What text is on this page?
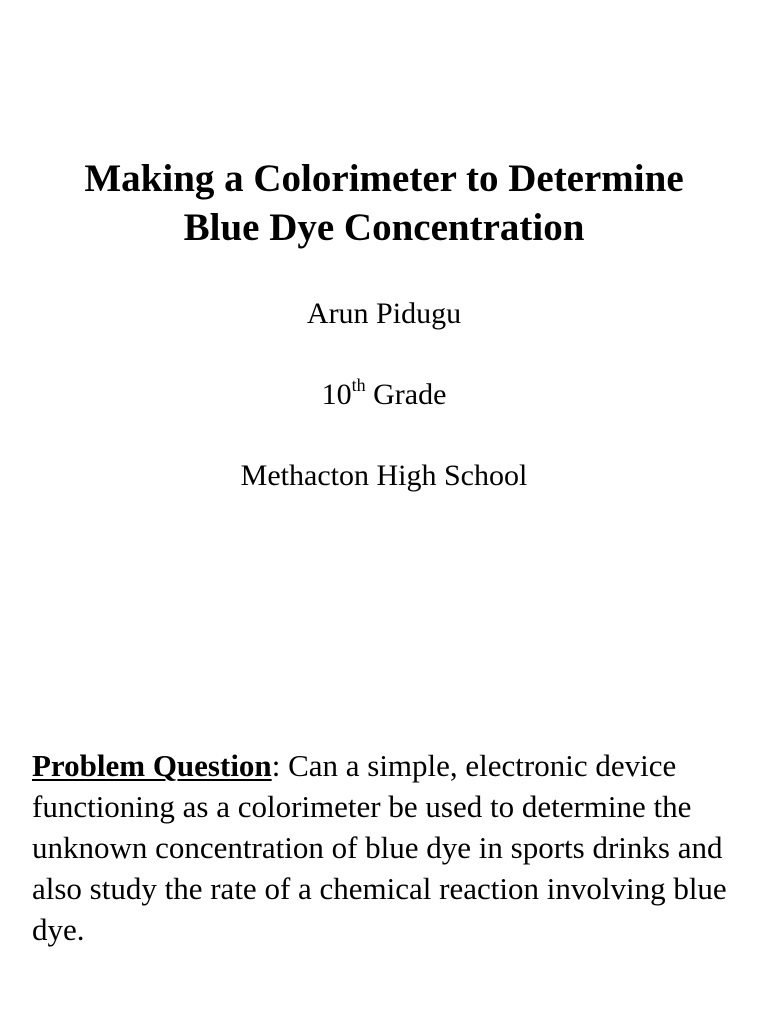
Making a Colorimeter to Determine
Blue Dye Concentration

Arun Pidugu

10th Grade

Methacton High School

Problem Question: Can a simple, electronic device functioning as a colorimeter be used to determine the unknown concentration of blue dye in sports drinks and also study the rate of a chemical reaction involving blue dye.
